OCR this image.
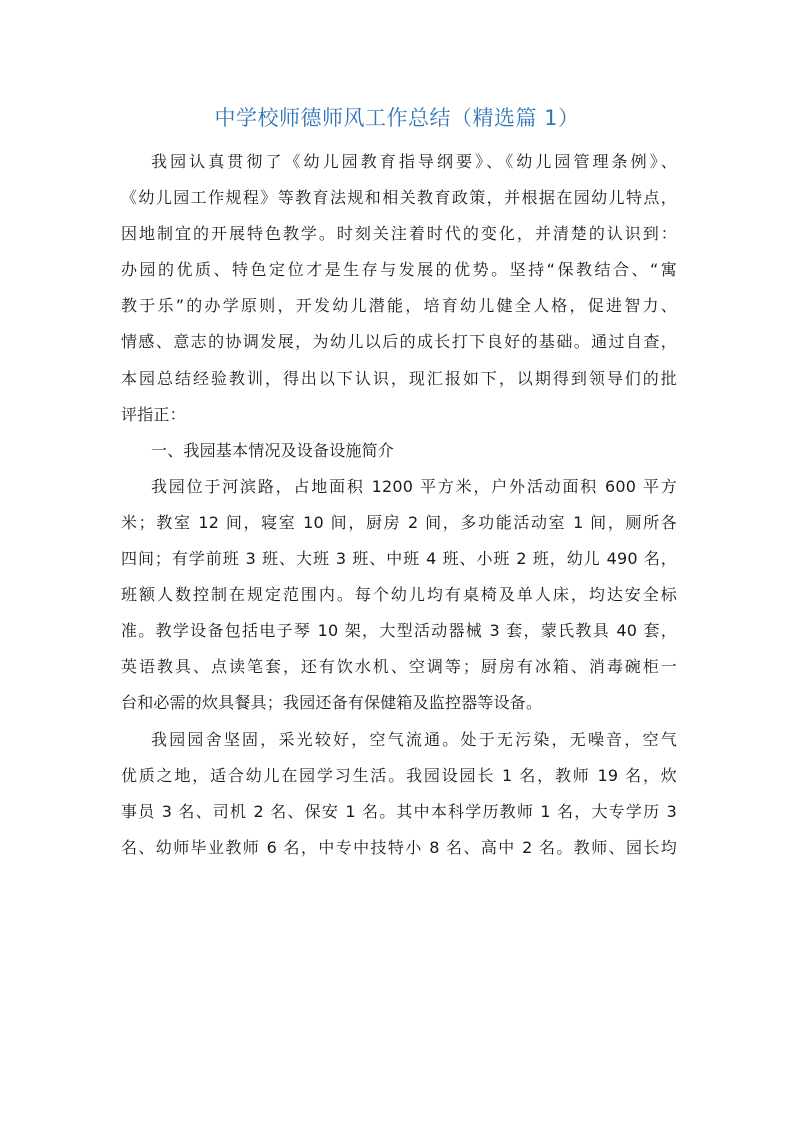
中学校师德师风工作总结（精选篇 1）
我园认真贯彻了《幼儿园教育指导纲要》、《幼儿园管理条例》、
《幼儿园工作规程》等教育法规和相关教育政策，并根据在园幼儿特点，
因地制宜的开展特色教学。时刻关注着时代的变化，并清楚的认识到：
办园的优质、特色定位才是生存与发展的优势。坚持“保教结合、“寓
教于乐”的办学原则，开发幼儿潜能，培育幼儿健全人格，促进智力、
情感、意志的协调发展，为幼儿以后的成长打下良好的基础。通过自查，
本园总结经验教训，得出以下认识，现汇报如下，以期得到领导们的批
评指正：
一、我园基本情况及设备设施简介
我园位于河滨路，占地面积 1200 平方米，户外活动面积 600 平方
米；教室 12 间，寝室 10 间，厨房 2 间，多功能活动室 1 间，厕所各
四间；有学前班 3 班、大班 3 班、中班 4 班、小班 2 班，幼儿 490 名，
班额人数控制在规定范围内。每个幼儿均有桌椅及单人床，均达安全标
准。教学设备包括电子琴 10 架，大型活动器械 3 套，蒙氏教具 40 套，
英语教具、点读笔套，还有饮水机、空调等；厨房有冰箱、消毒碗柜一
台和必需的炊具餐具；我园还备有保健箱及监控器等设备。
我园园舍坚固，采光较好，空气流通。处于无污染，无噪音，空气
优质之地，适合幼儿在园学习生活。我园设园长 1 名，教师 19 名，炊
事员 3 名、司机 2 名、保安 1 名。其中本科学历教师 1 名，大专学历 3
名、幼师毕业教师 6 名，中专中技特小 8 名、高中 2 名。教师、园长均
